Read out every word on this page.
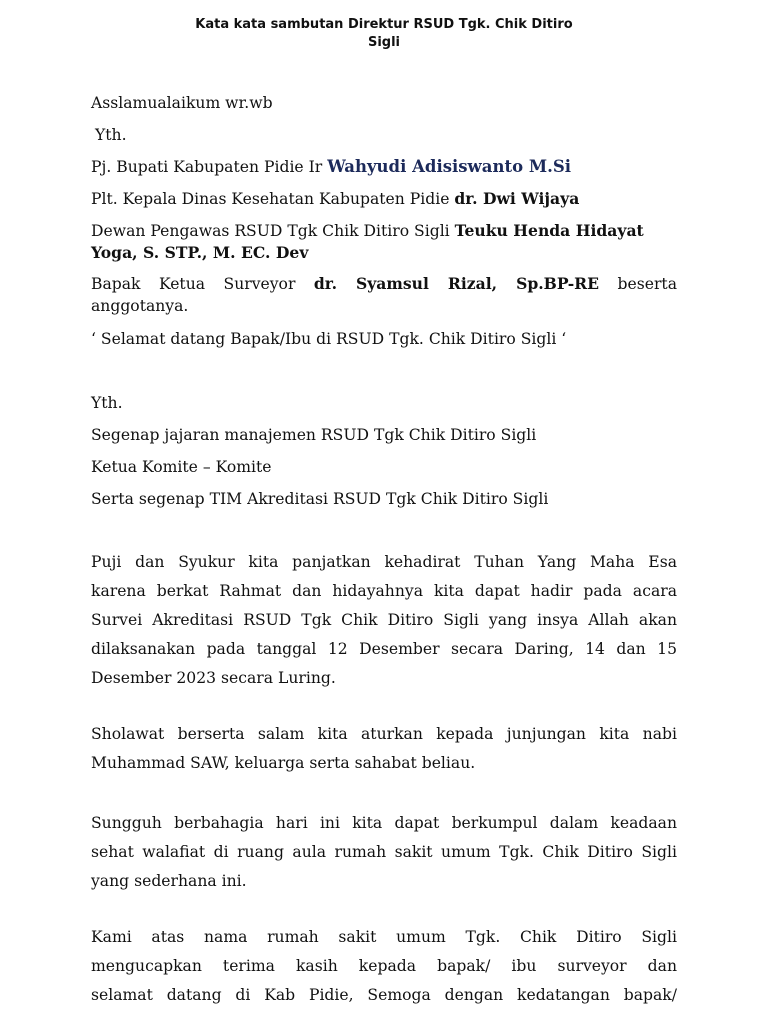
Kata kata sambutan Direktur RSUD Tgk. Chik Ditiro
Sigli
Asslamualaikum wr.wb
Yth.
Pj. Bupati Kabupaten Pidie Ir Wahyudi Adisiswanto M.Si
Plt. Kepala Dinas Kesehatan Kabupaten Pidie dr. Dwi Wijaya
Dewan Pengawas RSUD Tgk Chik Ditiro Sigli Teuku Henda Hidayat
Yoga, S. STP., M. EC. Dev
Bapak Ketua Surveyor dr. Syamsul Rizal, Sp.BP-RE beserta
anggotanya.
‘ Selamat datang Bapak/Ibu di RSUD Tgk. Chik Ditiro Sigli ‘
Yth.
Segenap jajaran manajemen RSUD Tgk Chik Ditiro Sigli
Ketua Komite – Komite
Serta segenap TIM Akreditasi RSUD Tgk Chik Ditiro Sigli
Puji dan Syukur kita panjatkan kehadirat Tuhan Yang Maha Esa
karena berkat Rahmat dan hidayahnya kita dapat hadir pada acara
Survei Akreditasi RSUD Tgk Chik Ditiro Sigli yang insya Allah akan
dilaksanakan pada tanggal 12 Desember secara Daring, 14 dan 15
Desember 2023 secara Luring.
Sholawat berserta salam kita aturkan kepada junjungan kita nabi
Muhammad SAW, keluarga serta sahabat beliau.
Sungguh berbahagia hari ini kita dapat berkumpul dalam keadaan
sehat walafiat di ruang aula rumah sakit umum Tgk. Chik Ditiro Sigli
yang sederhana ini.
Kami atas nama rumah sakit umum Tgk. Chik Ditiro Sigli
mengucapkan terima kasih kepada bapak/ ibu surveyor dan
selamat datang di Kab Pidie, Semoga dengan kedatangan bapak/
